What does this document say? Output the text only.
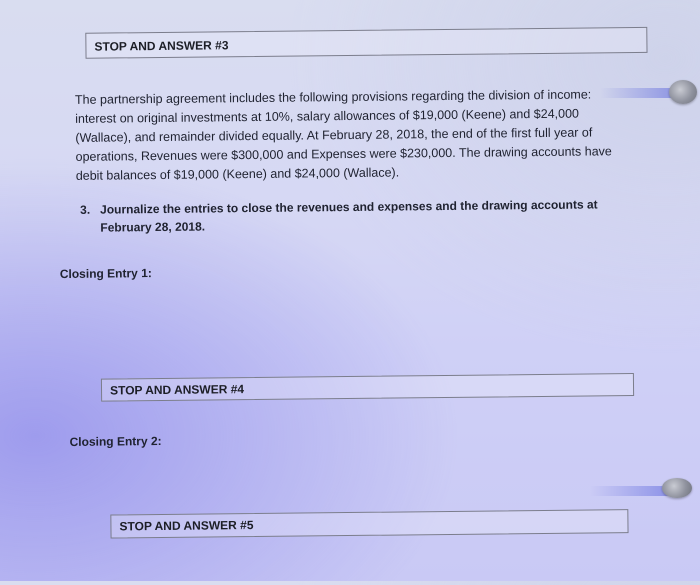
STOP AND ANSWER #3
The partnership agreement includes the following provisions regarding the division of income: interest on original investments at 10%, salary allowances of $19,000 (Keene) and $24,000 (Wallace), and remainder divided equally. At February 28, 2018, the end of the first full year of operations, Revenues were $300,000 and Expenses were $230,000. The drawing accounts have debit balances of $19,000 (Keene) and $24,000 (Wallace).
3. Journalize the entries to close the revenues and expenses and the drawing accounts at February 28, 2018.
Closing Entry 1:
STOP AND ANSWER #4
Closing Entry 2:
STOP AND ANSWER #5
